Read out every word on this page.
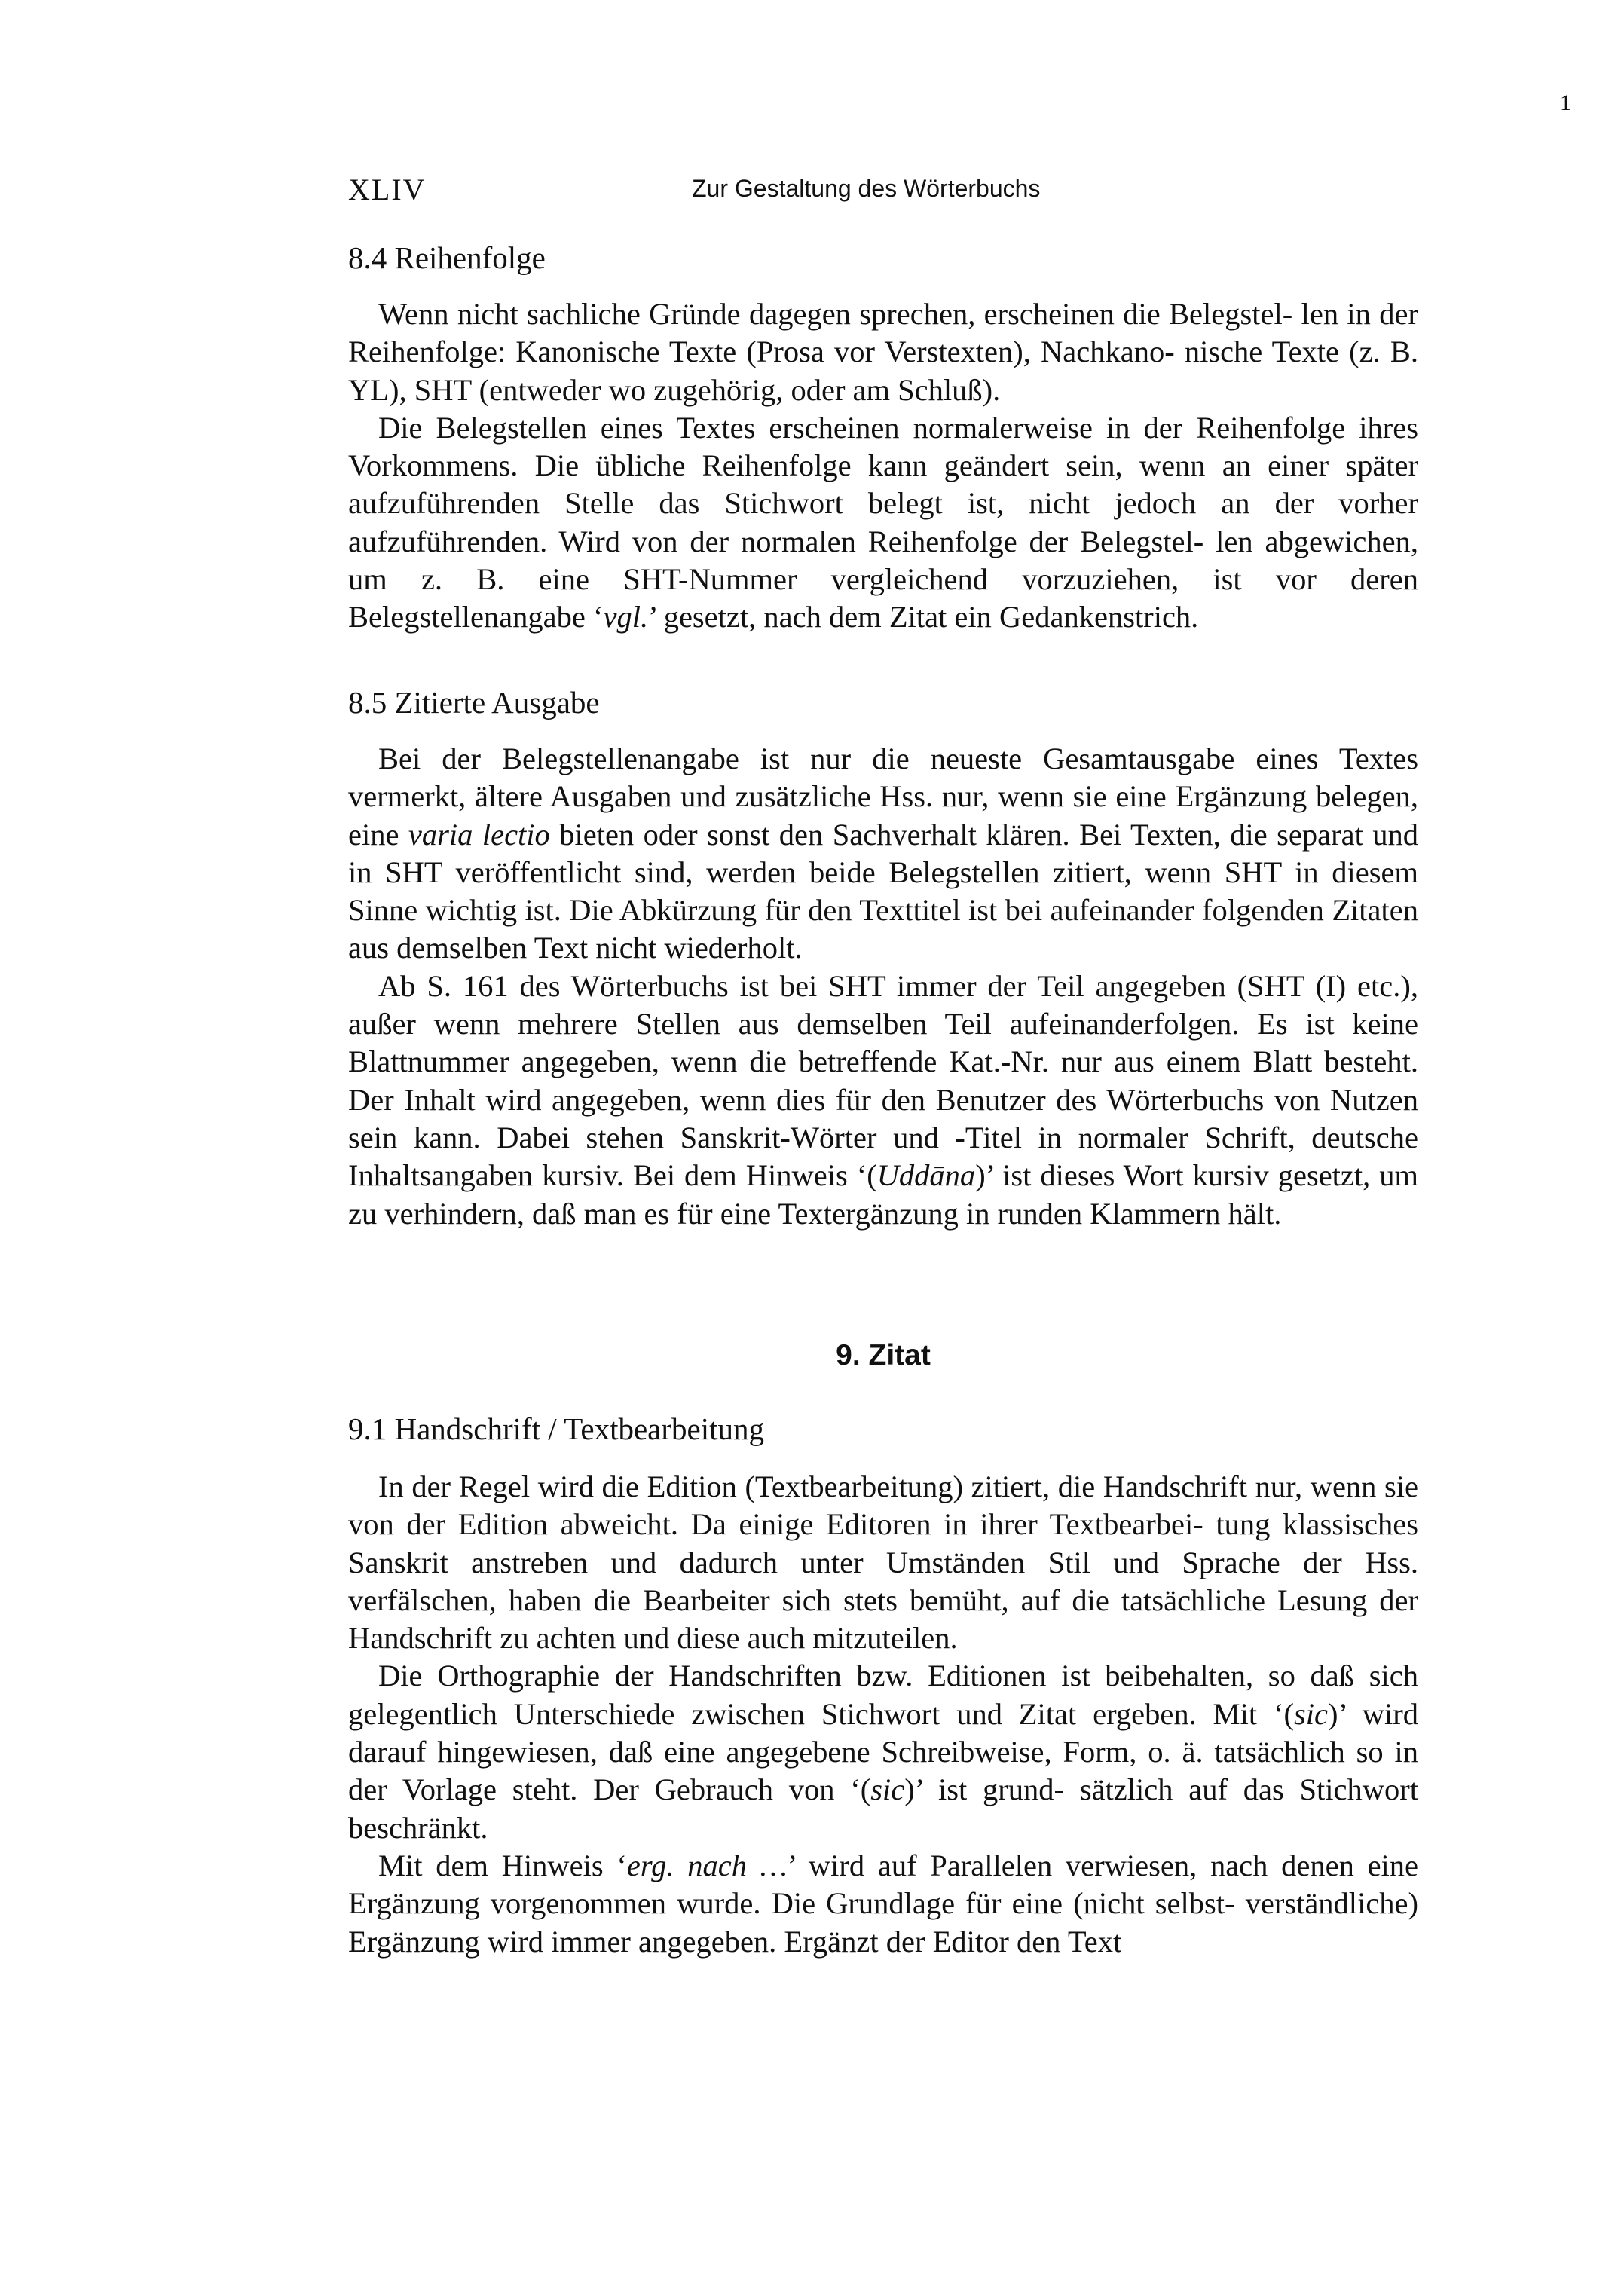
1
XLIV	Zur Gestaltung des Wörterbuchs
8.4 Reihenfolge

Wenn nicht sachliche Gründe dagegen sprechen, erscheinen die Belegstel- len in der Reihenfolge: Kanonische Texte (Prosa vor Verstexten), Nachkano- nische Texte (z. B. YL), SHT (entweder wo zugehörig, oder am Schluß).

Die Belegstellen eines Textes erscheinen normalerweise in der Reihenfolge ihres Vorkommens. Die übliche Reihenfolge kann geändert sein, wenn an einer später aufzuführenden Stelle das Stichwort belegt ist, nicht jedoch an der vorher aufzuführenden. Wird von der normalen Reihenfolge der Belegstel- len abgewichen, um z. B. eine SHT-Nummer vergleichend vorzuziehen, ist vor deren Belegstellenangabe ‘vgl.’ gesetzt, nach dem Zitat ein Gedankenstrich.

8.5 Zitierte Ausgabe

Bei der Belegstellenangabe ist nur die neueste Gesamtausgabe eines Textes vermerkt, ältere Ausgaben und zusätzliche Hss. nur, wenn sie eine Ergänzung belegen, eine varia lectio bieten oder sonst den Sachverhalt klären. Bei Texten, die separat und in SHT veröffentlicht sind, werden beide Belegstellen zitiert, wenn SHT in diesem Sinne wichtig ist. Die Abkürzung für den Texttitel ist bei aufeinander folgenden Zitaten aus demselben Text nicht wiederholt.

Ab S. 161 des Wörterbuchs ist bei SHT immer der Teil angegeben (SHT (I) etc.), außer wenn mehrere Stellen aus demselben Teil aufeinanderfolgen. Es ist keine Blattnummer angegeben, wenn die betreffende Kat.-Nr. nur aus einem Blatt besteht. Der Inhalt wird angegeben, wenn dies für den Benutzer des Wörterbuchs von Nutzen sein kann. Dabei stehen Sanskrit-Wörter und -Titel in normaler Schrift, deutsche Inhaltsangaben kursiv. Bei dem Hinweis ‘(Uddāna)’ ist dieses Wort kursiv gesetzt, um zu verhindern, daß man es für eine Textergänzung in runden Klammern hält.

9. Zitat
9.1 Handschrift / Textbearbeitung

In der Regel wird die Edition (Textbearbeitung) zitiert, die Handschrift nur, wenn sie von der Edition abweicht. Da einige Editoren in ihrer Textbearbei- tung klassisches Sanskrit anstreben und dadurch unter Umständen Stil und Sprache der Hss. verfälschen, haben die Bearbeiter sich stets bemüht, auf die tatsächliche Lesung der Handschrift zu achten und diese auch mitzuteilen.

Die Orthographie der Handschriften bzw. Editionen ist beibehalten, so daß sich gelegentlich Unterschiede zwischen Stichwort und Zitat ergeben. Mit ‘(sic)’ wird darauf hingewiesen, daß eine angegebene Schreibweise, Form, o. ä. tatsächlich so in der Vorlage steht. Der Gebrauch von ‘(sic)’ ist grund- sätzlich auf das Stichwort beschränkt.

Mit dem Hinweis ‘erg. nach …’ wird auf Parallelen verwiesen, nach denen eine Ergänzung vorgenommen wurde. Die Grundlage für eine (nicht selbst- verständliche) Ergänzung wird immer angegeben. Ergänzt der Editor den Text
